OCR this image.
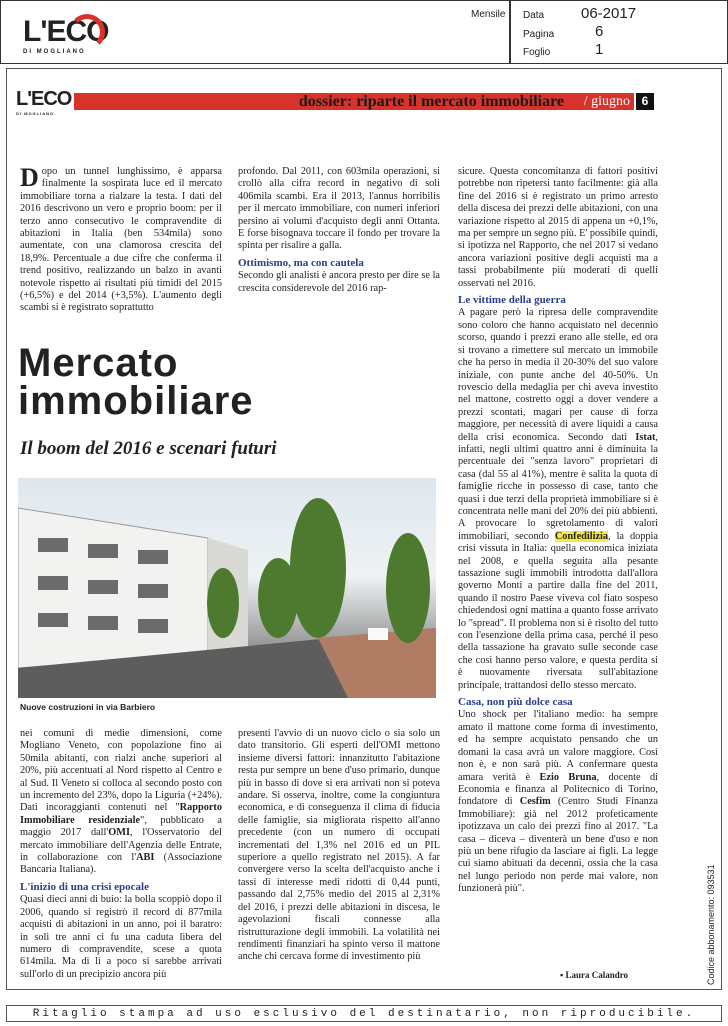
L'ECO
DI MOGLIANO
Mensile Data 06-2017
Pagina	6
Foglio	1
L'ECO
DI MOGLIANO
dossier: riparte il mercato immobiliare / giugno 6
Dopo un tunnel lunghissimo, è apparsa finalmente la sospirata luce ed il mercato immobiliare torna a rialzare la testa. I dati del 2016 descrivono un vero e proprio boom: per il terzo anno consecutivo le compravendite di abitazioni in Italia (ben 534mila) sono aumentate, con una clamorosa crescita del 18,9%. Percentuale a due cifre che conferma il trend positivo, realizzando un balzo in avanti notevole rispetto ai risultati più timidi del 2015 (+6,5%) e del 2014 (+3,5%). L'aumento degli scambi si è registrato soprattutto

profondo. Dal 2011, con 603mila operazioni, si crollò alla cifra record in negativo di soli 406mila scambi. Era il 2013, l'annus horribilis per il mercato immobiliare, con numeri inferiori persino ai volumi d'acquisto degli anni Ottanta. E forse bisognava toccare il fondo per trovare la spinta per risalire a galla.

Ottimismo, ma con cautela

Secondo gli analisti è ancora presto per dire se la crescita considerevole del 2016 rap-

Mercato
immobiliare
Il boom del 2016 e scenari futuri
Nuove costruzioni in via Barbiero

nei comuni di medie dimensioni, come Mogliano Veneto, con popolazione fino ai 50mila abitanti, con rialzi anche superiori al 20%, più accentuati al Nord rispetto al Centro e al Sud. Il Veneto si colloca al secondo posto con un incremento del 23%, dopo la Liguria (+24%). Dati incoraggianti contenuti nel "Rapporto Immobiliare residenziale", pubblicato a maggio 2017 dall'OMI, l'Osservatorio del mercato immobiliare dell'Agenzia delle Entrate, in collaborazione con l'ABI (Associazione Bancaria Italiana).

L'inizio di una crisi epocale

Quasi dieci anni di buio: la bolla scoppiò dopo il 2006, quando si registrò il record di 877mila acquisti di abitazioni in un anno, poi il baratro: in soli tre anni ci fu una caduta libera del numero di compravendite, scese a quota 614mila. Ma di lì a poco si sarebbe arrivati sull'orlo di un precipizio ancora più

presenti l'avvio di un nuovo ciclo o sia solo un dato transitorio. Gli esperti dell'OMI mettono insieme diversi fattori: innanzitutto l'abitazione resta pur sempre un bene d'uso primario, dunque più in basso di dove si era arrivati non si poteva andare. Si osserva, inoltre, come la congiuntura economica, e di conseguenza il clima di fiducia delle famiglie, sia migliorata rispetto all'anno precedente (con un numero di occupati incrementati del 1,3% nel 2016 ed un PIL superiore a quello registrato nel 2015). A far convergere verso la scelta dell'acquisto anche i tassi di interesse medi ridotti di 0,44 punti, passando dal 2,75% medio del 2015 al 2,31% del 2016, i prezzi delle abitazioni in discesa, le agevolazioni fiscali connesse alla ristrutturazione degli immobili. La volatilità nei rendimenti finanziari ha spinto verso il mattone anche chi cercava forme di investimento più

sicure. Questa concomitanza di fattori positivi potrebbe non ripetersi tanto facilmente: già alla fine del 2016 si è registrato un primo arresto della discesa dei prezzi delle abitazioni, con una variazione rispetto al 2015 di appena un +0,1%, ma per sempre un segno più. E' possibile quindi, si ipotizza nel Rapporto, che nel 2017 si vedano ancora variazioni positive degli acquisti ma a tassi probabilmente più moderati di quelli osservati nel 2016.

Le vittime della guerra

A pagare però la ripresa delle compravendite sono coloro che hanno acquistato nel decennio scorso, quando i prezzi erano alle stelle, ed ora si trovano a rimettere sul mercato un immobile che ha perso in media il 20-30% del suo valore iniziale, con punte anche del 40-50%. Un rovescio della medaglia per chi aveva investito nel mattone, costretto oggi a dover vendere a prezzi scontati, magari per cause di forza maggiore, per necessità di avere liquidi a causa della crisi economica. Secondo dati Istat, infatti, negli ultimi quattro anni è diminuita la percentuale dei "senza lavoro" proprietari di casa (dal 55 al 41%), mentre è salita la quota di famiglie ricche in possesso di case, tanto che quasi i due terzi della proprietà immobiliare si è concentrata nelle mani del 20% dei più abbienti. A provocare lo sgretolamento di valori immobiliari, secondo Confedilizia, la doppia crisi vissuta in Italia: quella economica iniziata nel 2008, e quella seguita alla pesante tassazione sugli immobili introdotta dall'allora governo Monti a partire dalla fine del 2011, quando il nostro Paese viveva col fiato sospeso chiedendosi ogni mattina a quanto fosse arrivato lo "spread". Il problema non si è risolto del tutto con l'esenzione della prima casa, perché il peso della tassazione ha gravato sulle seconde case che così hanno perso valore, e questa perdita si è nuovamente riversata sull'abitazione principale, trattandosi dello stesso mercato.

Casa, non più dolce casa

Uno shock per l'italiano medio: ha sempre amato il mattone come forma di investimento, ed ha sempre acquistato pensando che un domani la casa avrà un valore maggiore. Così non è, e non sarà più. A confermare questa amara verità è Ezio Bruna, docente di Economia e finanza al Politecnico di Torino, fondatore di Cesfim (Centro Studi Finanza Immobiliare): già nel 2012 profeticamente ipotizzava un calo dei prezzi fino al 2017. "La casa – diceva – diventerà un bene d'uso e non più un bene rifugio da lasciare ai figli. La legge cui siamo abituati da decenni, ossia che la casa nel lungo periodo non perde mai valore, non funzionerà più".

▪ Laura Calandro	Codice abbonamento: 093531
Ritaglio stampa ad uso esclusivo del destinatario, non riproducibile.
